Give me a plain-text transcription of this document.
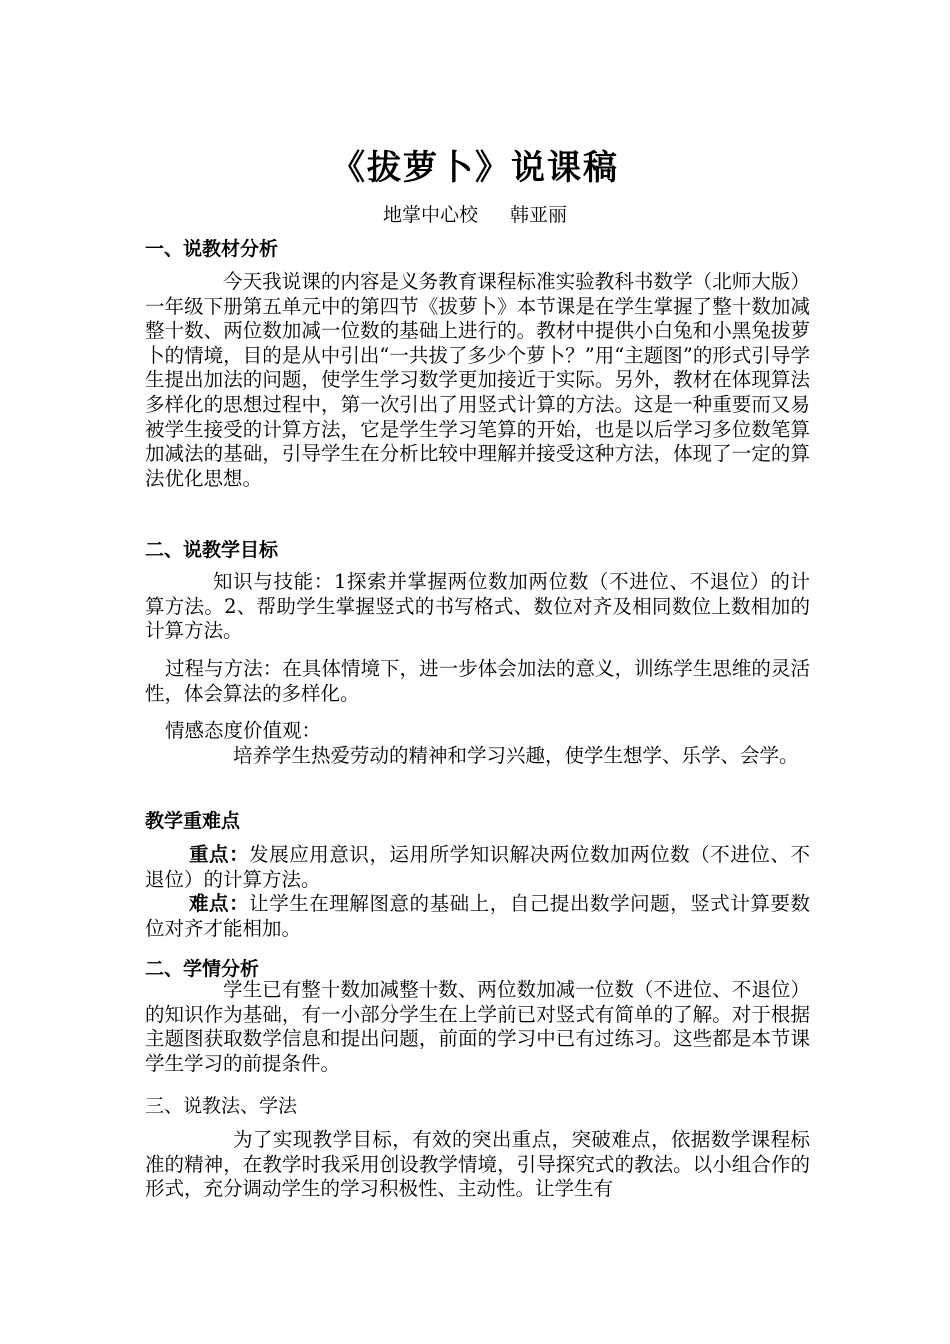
《拔萝卜》说课稿
地掌中心校 韩亚丽
一、说教材分析
今天我说课的内容是义务教育课程标准实验教科书数学（北师大版）一年级下册第五单元中的第四节《拔萝卜》本节课是在学生掌握了整十数加减整十数、两位数加减一位数的基础上进行的。教材中提供小白兔和小黑兔拔萝卜的情境，目的是从中引出“一共拔了多少个萝卜？”用“主题图”的形式引导学生提出加法的问题，使学生学习数学更加接近于实际。另外，教材在体现算法多样化的思想过程中，第一次引出了用竖式计算的方法。这是一种重要而又易被学生接受的计算方法，它是学生学习笔算的开始，也是以后学习多位数笔算加减法的基础，引导学生在分析比较中理解并接受这种方法，体现了一定的算法优化思想。
二、说教学目标
知识与技能：1探索并掌握两位数加两位数（不进位、不退位）的计算方法。2、帮助学生掌握竖式的书写格式、数位对齐及相同数位上数相加的计算方法。
过程与方法：在具体情境下，进一步体会加法的意义，训练学生思维的灵活性，体会算法的多样化。
情感态度价值观：
培养学生热爱劳动的精神和学习兴趣，使学生想学、乐学、会学。
教学重难点
重点：发展应用意识，运用所学知识解决两位数加两位数（不进位、不退位）的计算方法。
难点：让学生在理解图意的基础上，自己提出数学问题，竖式计算要数位对齐才能相加。
二、学情分析
学生已有整十数加减整十数、两位数加减一位数（不进位、不退位）的知识作为基础，有一小部分学生在上学前已对竖式有简单的了解。对于根据主题图获取数学信息和提出问题，前面的学习中已有过练习。这些都是本节课学生学习的前提条件。
三、说教法、学法
为了实现教学目标，有效的突出重点，突破难点，依据数学课程标准的精神，在教学时我采用创设教学情境，引导探究式的教法。以小组合作的形式，充分调动学生的学习积极性、主动性。让学生有
